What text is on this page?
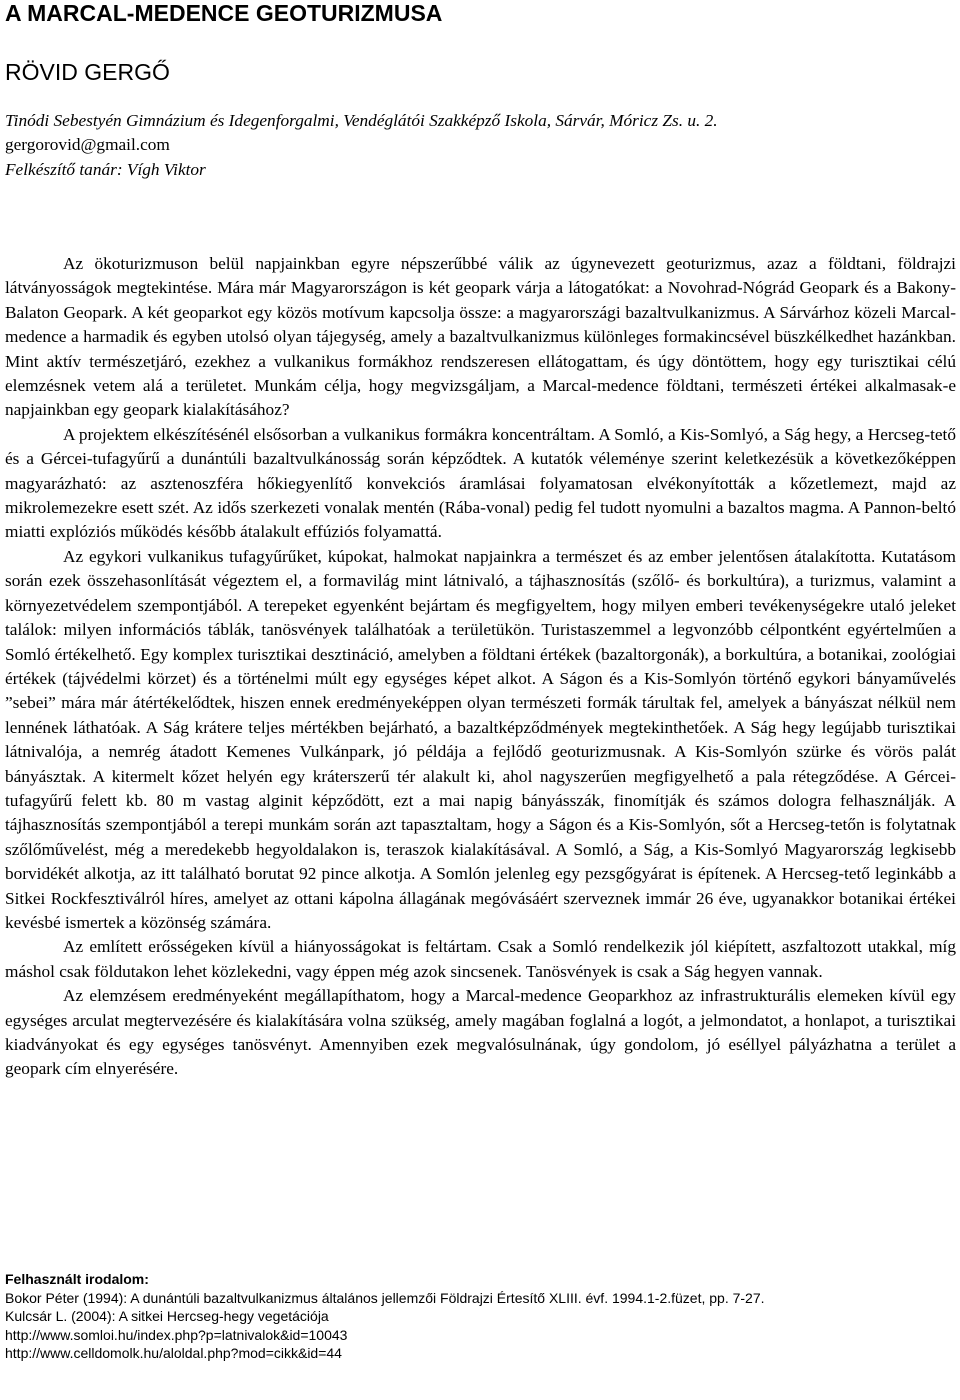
A MARCAL-MEDENCE GEOTURIZMUSA
RÖVID GERGŐ
Tinódi Sebestyén Gimnázium és Idegenforgalmi, Vendéglátói Szakképző Iskola, Sárvár, Móricz Zs. u. 2.
gergorovid@gmail.com
Felkészítő tanár: Vígh Viktor

Az ökoturizmuson belül napjainkban egyre népszerűbbé válik az úgynevezett geoturizmus, azaz a földtani, földrajzi látványosságok megtekintése. Mára már Magyarországon is két geopark várja a látogatókat: a Novohrad-Nógrád Geopark és a Bakony-Balaton Geopark. A két geoparkot egy közös motívum kapcsolja össze: a magyarországi bazaltvulkanizmus. A Sárvárhoz közeli Marcal-medence a harmadik és egyben utolsó olyan tájegység, amely a bazaltvulkanizmus különleges formakincsével büszkélkedhet hazánkban. Mint aktív természetjáró, ezekhez a vulkanikus formákhoz rendszeresen ellátogattam, és úgy döntöttem, hogy egy turisztikai célú elemzésnek vetem alá a területet. Munkám célja, hogy megvizsgáljam, a Marcal-medence földtani, természeti értékei alkalmasak-e napjainkban egy geopark kialakításához?

A projektem elkészítésénél elsősorban a vulkanikus formákra koncentráltam. A Somló, a Kis-Somlyó, a Ság hegy, a Hercseg-tető és a Gércei-tufagyűrű a dunántúli bazaltvulkánosság során képződtek. A kutatók véleménye szerint keletkezésük a következőképpen magyarázható: az asztenoszféra hőkiegyenlítő konvekciós áramlásai folyamatosan elvékonyították a kőzetlemezt, majd az mikrolemezekre esett szét. Az idős szerkezeti vonalak mentén (Rába-vonal) pedig fel tudott nyomulni a bazaltos magma. A Pannon-beltó miatti explóziós működés később átalakult effúziós folyamattá.

Az egykori vulkanikus tufagyűrűket, kúpokat, halmokat napjainkra a természet és az ember jelentősen átalakította. Kutatásom során ezek összehasonlítását végeztem el, a formavilág mint látnivaló, a tájhasznosítás (szőlő- és borkultúra), a turizmus, valamint a környezetvédelem szempontjából. A terepeket egyenként bejártam és megfigyeltem, hogy milyen emberi tevékenységekre utaló jeleket találok: milyen információs táblák, tanösvények találhatóak a területükön. Turistaszemmel a legvonzóbb célpontként egyértelműen a Somló értékelhető. Egy komplex turisztikai desztináció, amelyben a földtani értékek (bazaltorgonák), a borkultúra, a botanikai, zoológiai értékek (tájvédelmi körzet) és a történelmi múlt egy egységes képet alkot. A Ságon és a Kis-Somlyón történő egykori bányaművelés ”sebei” mára már átértékelődtek, hiszen ennek eredményeképpen olyan természeti formák tárultak fel, amelyek a bányászat nélkül nem lennének láthatóak. A Ság krátere teljes mértékben bejárható, a bazaltképződmények megtekinthetőek. A Ság hegy legújabb turisztikai látnivalója, a nemrég átadott Kemenes Vulkánpark, jó példája a fejlődő geoturizmusnak. A Kis-Somlyón szürke és vörös palát bányásztak. A kitermelt kőzet helyén egy kráterszerű tér alakult ki, ahol nagyszerűen megfigyelhető a pala rétegződése. A Gércei-tufagyűrű felett kb. 80 m vastag alginit képződött, ezt a mai napig bányásszák, finomítják és számos dologra felhasználják. A tájhasznosítás szempontjából a terepi munkám során azt tapasztaltam, hogy a Ságon és a Kis-Somlyón, sőt a Hercseg-tetőn is folytatnak szőlőművelést, még a meredekebb hegyoldalakon is, teraszok kialakításával. A Somló, a Ság, a Kis-Somlyó Magyarország legkisebb borvidékét alkotja, az itt található borutat 92 pince alkotja. A Somlón jelenleg egy pezsgőgyárat is építenek. A Hercseg-tető leginkább a Sitkei Rockfesztiválról híres, amelyet az ottani kápolna állagának megóvásáért szerveznek immár 26 éve, ugyanakkor botanikai értékei kevésbé ismertek a közönség számára.

Az említett erősségeken kívül a hiányosságokat is feltártam. Csak a Somló rendelkezik jól kiépített, aszfaltozott utakkal, míg máshol csak földutakon lehet közlekedni, vagy éppen még azok sincsenek. Tanösvények is csak a Ság hegyen vannak.

Az elemzésem eredményeként megállapíthatom, hogy a Marcal-medence Geoparkhoz az infrastrukturális elemeken kívül egy egységes arculat megtervezésére és kialakítására volna szükség, amely magában foglalná a logót, a jelmondatot, a honlapot, a turisztikai kiadványokat és egy egységes tanösvényt. Amennyiben ezek megvalósulnának, úgy gondolom, jó eséllyel pályázhatna a terület a geopark cím elnyerésére.

Felhasznált irodalom:
Bokor Péter (1994): A dunántúli bazaltvulkanizmus általános jellemzői Földrajzi Értesítő XLIII. évf. 1994.1-2.füzet, pp. 7-27.
Kulcsár L. (2004): A sitkei Hercseg-hegy vegetációja
http://www.somloi.hu/index.php?p=latnivalok&id=10043
http://www.celldomolk.hu/aloldal.php?mod=cikk&id=44
